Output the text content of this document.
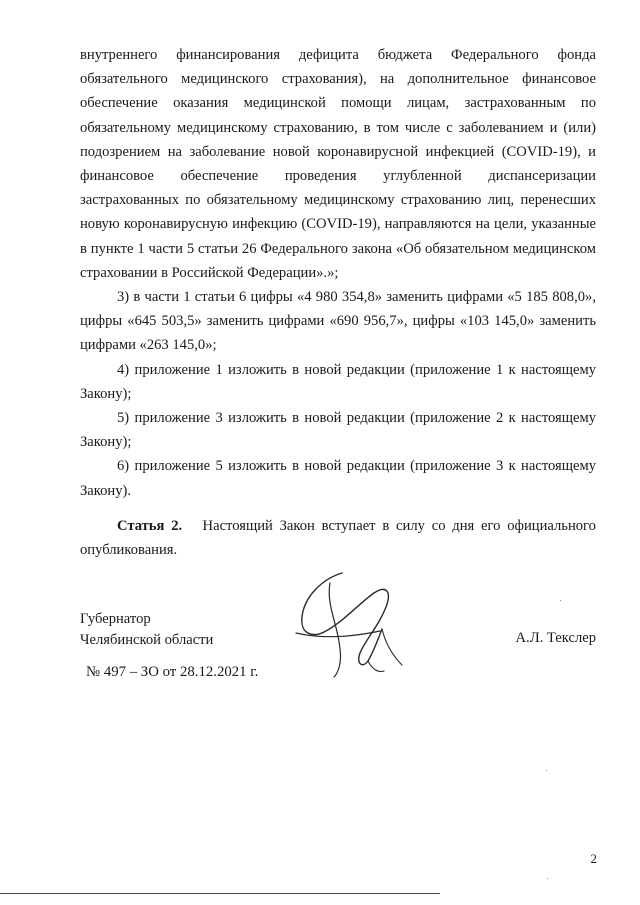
внутреннего финансирования дефицита бюджета Федерального фонда обязательного медицинского страхования), на дополнительное финансовое обеспечение оказания медицинской помощи лицам, застрахованным по обязательному медицинскому страхованию, в том числе с заболеванием и (или) подозрением на заболевание новой коронавирусной инфекцией (COVID-19), и финансовое обеспечение проведения углубленной диспансеризации застрахованных по обязательному медицинскому страхованию лиц, перенесших новую коронавирусную инфекцию (COVID-19), направляются на цели, указанные в пункте 1 части 5 статьи 26 Федерального закона «Об обязательном медицинском страховании в Российской Федерации».»;

3) в части 1 статьи 6 цифры «4 980 354,8» заменить цифрами «5 185 808,0», цифры «645 503,5» заменить цифрами «690 956,7», цифры «103 145,0» заменить цифрами «263 145,0»;

4) приложение 1 изложить в новой редакции (приложение 1 к настоящему Закону);

5) приложение 3 изложить в новой редакции (приложение 2 к настоящему Закону);

6) приложение 5 изложить в новой редакции (приложение 3 к настоящему Закону).

Статья 2. Настоящий Закон вступает в силу со дня его официального опубликования.

Губернатор
Челябинской области	А.Л. Текслер
№ 497 – ЗО от 28.12.2021 г.
2
